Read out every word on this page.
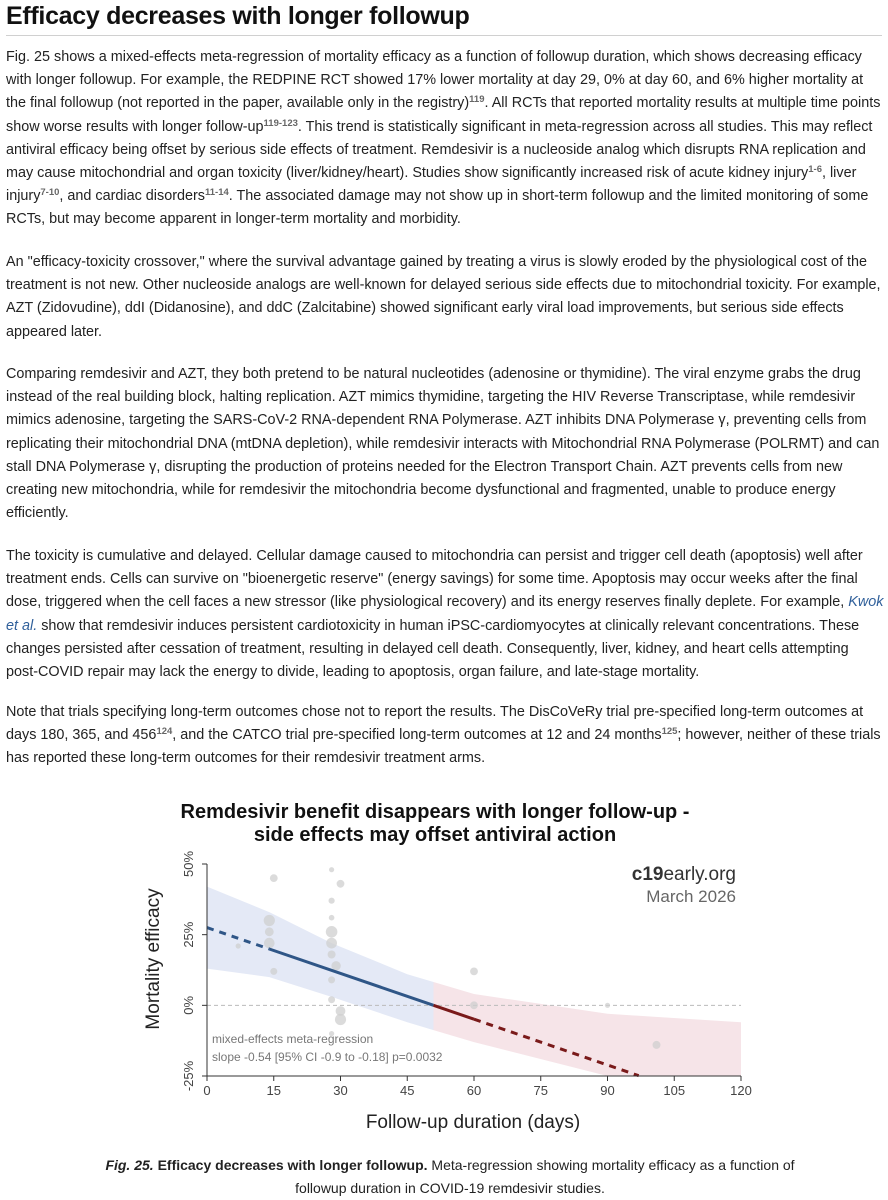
Efficacy decreases with longer followup

Fig. 25 shows a mixed-effects meta-regression of mortality efficacy as a function of followup duration, which shows decreasing efficacy with longer followup. For example, the REDPINE RCT showed 17% lower mortality at day 29, 0% at day 60, and 6% higher mortality at the final followup (not reported in the paper, available only in the registry)$^{119}$. All RCTs that reported mortality results at multiple time points show worse results with longer follow-$up^{119-123}$. This trend is statistically significant in meta-regression across all studies. This may reflect antiviral efficacy being offset by serious side effects of treatment. Remdesivir is a nucleoside analog which disrupts RNA replication and may cause mitochondrial and organ toxicity (liver/kidney/heart). Studies show significantly increased risk of acute kidney injury$^{1-6}$, liver injury$^{7-10}$, and cardiac disorders$^{11-14}$. The associated damage may not show up in short-term followup and the limited monitoring of some RCTs, but may become apparent in longer-term mortality and morbidity.

An "efficacy-toxicity crossover," where the survival advantage gained by treating a virus is slowly eroded by the physiological cost of the treatment is not new. Other nucleoside analogs are well-known for delayed serious side effects due to mitochondrial toxicity. For example, AZT (Zidovudine), ddI (Didanosine), and ddC (Zalcitabine) showed significant early viral load improvements, but serious side effects appeared later.

Comparing remdesivir and AZT, they both pretend to be natural nucleotides (adenosine or thymidine). The viral enzyme grabs the drug instead of the real building block, halting replication. AZT mimics thymidine, targeting the HIV Reverse Transcriptase, while remdesivir mimics adenosine, targeting the SARS-CoV-2 RNA-dependent RNA Polymerase. AZT inhibits DNA Polymerase γ, preventing cells from replicating their mitochondrial DNA (mtDNA depletion), while remdesivir interacts with Mitochondrial RNA Polymerase (POLRMT) and can stall DNA Polymerase γ, disrupting the production of proteins needed for the Electron Transport Chain. AZT prevents cells from new creating new mitochondria, while for remdesivir the mitochondria become dysfunctional and fragmented, unable to produce energy efficiently.

The toxicity is cumulative and delayed. Cellular damage caused to mitochondria can persist and trigger cell death (apoptosis) well after treatment ends. Cells can survive on "bioenergetic reserve" (energy savings) for some time. Apoptosis may occur weeks after the final dose, triggered when the cell faces a new stressor (like physiological recovery) and its energy reserves finally deplete. For example, Kwok et al. show that remdesivir induces persistent cardiotoxicity in human iPSC-cardiomyocytes at clinically relevant concentrations. These changes persisted after cessation of treatment, resulting in delayed cell death. Consequently, liver, kidney, and heart cells attempting post-COVID repair may lack the energy to divide, leading to apoptosis, organ failure, and late-stage mortality.

Note that trials specifying long-term outcomes chose not to report the results. The DisCoVeRy trial pre-specified long-term outcomes at days 180, 365, and $456^{124}$, and the CATCO trial pre-specified long-term outcomes at 12 and 24 months$^{125}$; however, neither of these trials has reported these long-term outcomes for their remdesivir treatment arms.

Remdesivir benefit disappears with longer follow-up -
side effects may offset antiviral action
0	15	30	45	60	75	90	105	120
50%
25%
0%
-25%
c19early.org
March 2026
mixed-effects meta-regression
slope -0.54 [95% CI -0.9 to -0.18] p=0.0032
Follow-up duration (days)
Mortality efficacy
Fig. 25. Efficacy decreases with longer followup. Meta-regression showing mortality efficacy as a function of followup duration in COVID-19 remdesivir studies.
